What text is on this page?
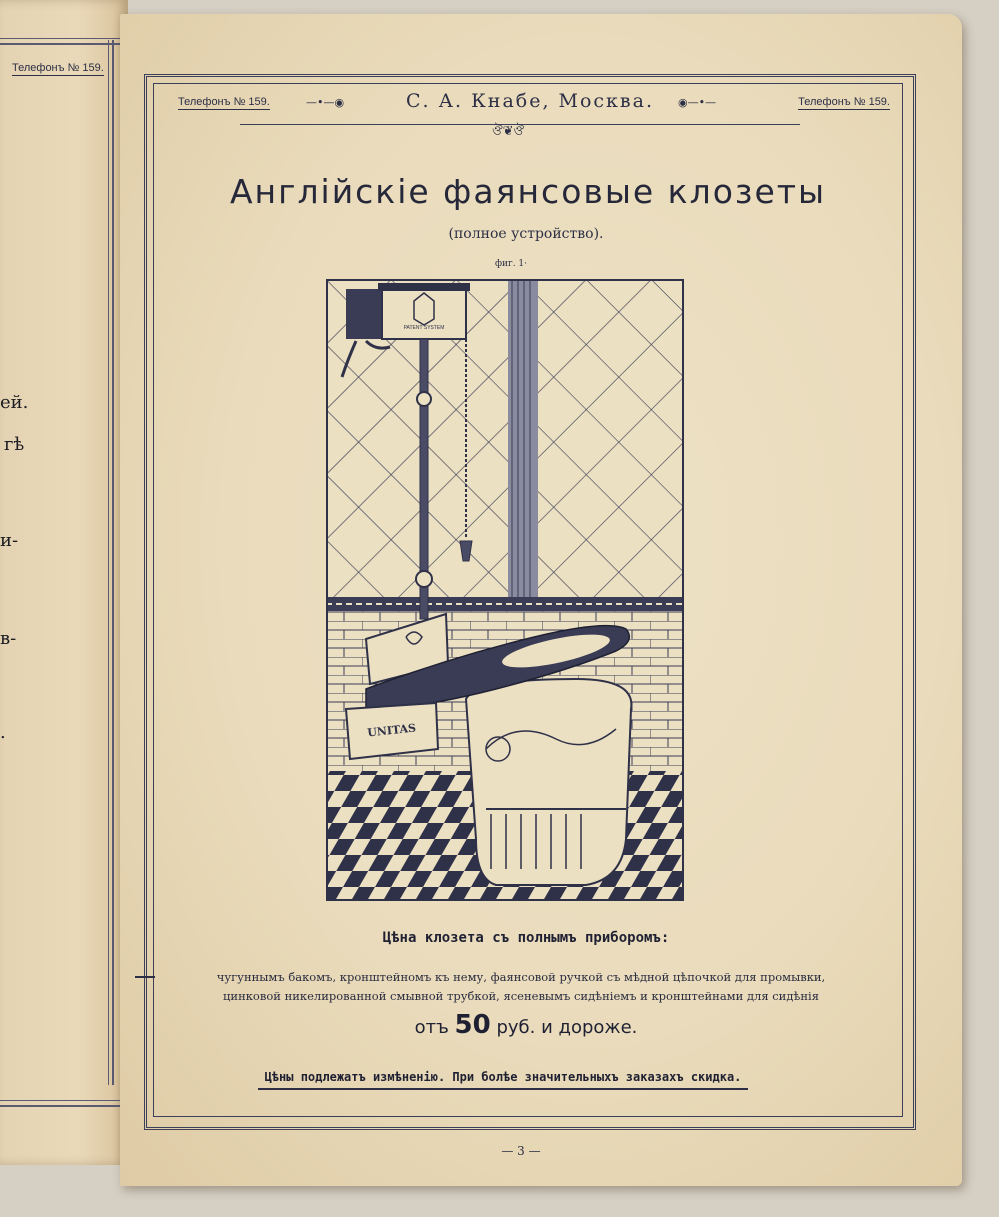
Телефонъ № 159.
ей.
гѣ
и-
в-
.
Телефонъ № 159.	—•—◉	С. А. Кнабе, Москва.	◉—•—	Телефонъ № 159.
ঔ❦ঔ
Англійскіе фаянсовые клозеты
(полное устройство).
фиг. 1·
PATENT SYSTEM
UNITAS
Цѣна клозета съ полнымъ приборомъ:
чугуннымъ бакомъ, кронштейномъ къ нему, фаянсовой ручкой съ мѣдной цѣпочкой для промывки,
цинковой никелированной смывной трубкой, ясеневымъ сидѣніемъ и кронштейнами для сидѣнія
отъ 50 руб. и дороже.
Цѣны подлежатъ измѣненію. При болѣе значительныхъ заказахъ скидка.
— 3 —
